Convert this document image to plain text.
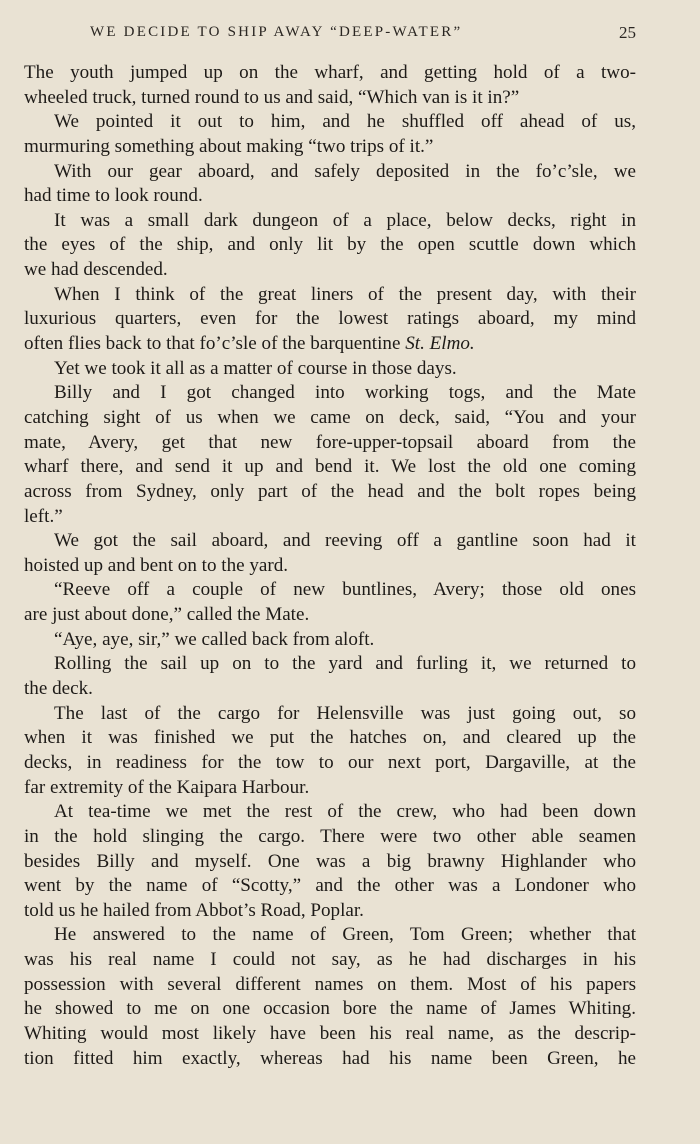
WE DECIDE TO SHIP AWAY “DEEP-WATER”	25
The youth jumped up on the wharf, and getting hold of a two-
wheeled truck, turned round to us and said, “Which van is it in?”
We pointed it out to him, and he shuffled off ahead of us,
murmuring something about making “two trips of it.”
With our gear aboard, and safely deposited in the fo’c’sle, we
had time to look round.
It was a small dark dungeon of a place, below decks, right in
the eyes of the ship, and only lit by the open scuttle down which
we had descended.
When I think of the great liners of the present day, with their
luxurious quarters, even for the lowest ratings aboard, my mind
often flies back to that fo’c’sle of the barquentine St. Elmo.
Yet we took it all as a matter of course in those days.
Billy and I got changed into working togs, and the Mate
catching sight of us when we came on deck, said, “You and your
mate, Avery, get that new fore-upper-topsail aboard from the
wharf there, and send it up and bend it. We lost the old one coming
across from Sydney, only part of the head and the bolt ropes being
left.”
We got the sail aboard, and reeving off a gantline soon had it
hoisted up and bent on to the yard.
“Reeve off a couple of new buntlines, Avery; those old ones
are just about done,” called the Mate.
“Aye, aye, sir,” we called back from aloft.
Rolling the sail up on to the yard and furling it, we returned to
the deck.
The last of the cargo for Helensville was just going out, so
when it was finished we put the hatches on, and cleared up the
decks, in readiness for the tow to our next port, Dargaville, at the
far extremity of the Kaipara Harbour.
At tea-time we met the rest of the crew, who had been down
in the hold slinging the cargo. There were two other able seamen
besides Billy and myself. One was a big brawny Highlander who
went by the name of “Scotty,” and the other was a Londoner who
told us he hailed from Abbot’s Road, Poplar.
He answered to the name of Green, Tom Green; whether that
was his real name I could not say, as he had discharges in his
possession with several different names on them. Most of his papers
he showed to me on one occasion bore the name of James Whiting.
Whiting would most likely have been his real name, as the descrip-
tion fitted him exactly, whereas had his name been Green, he
